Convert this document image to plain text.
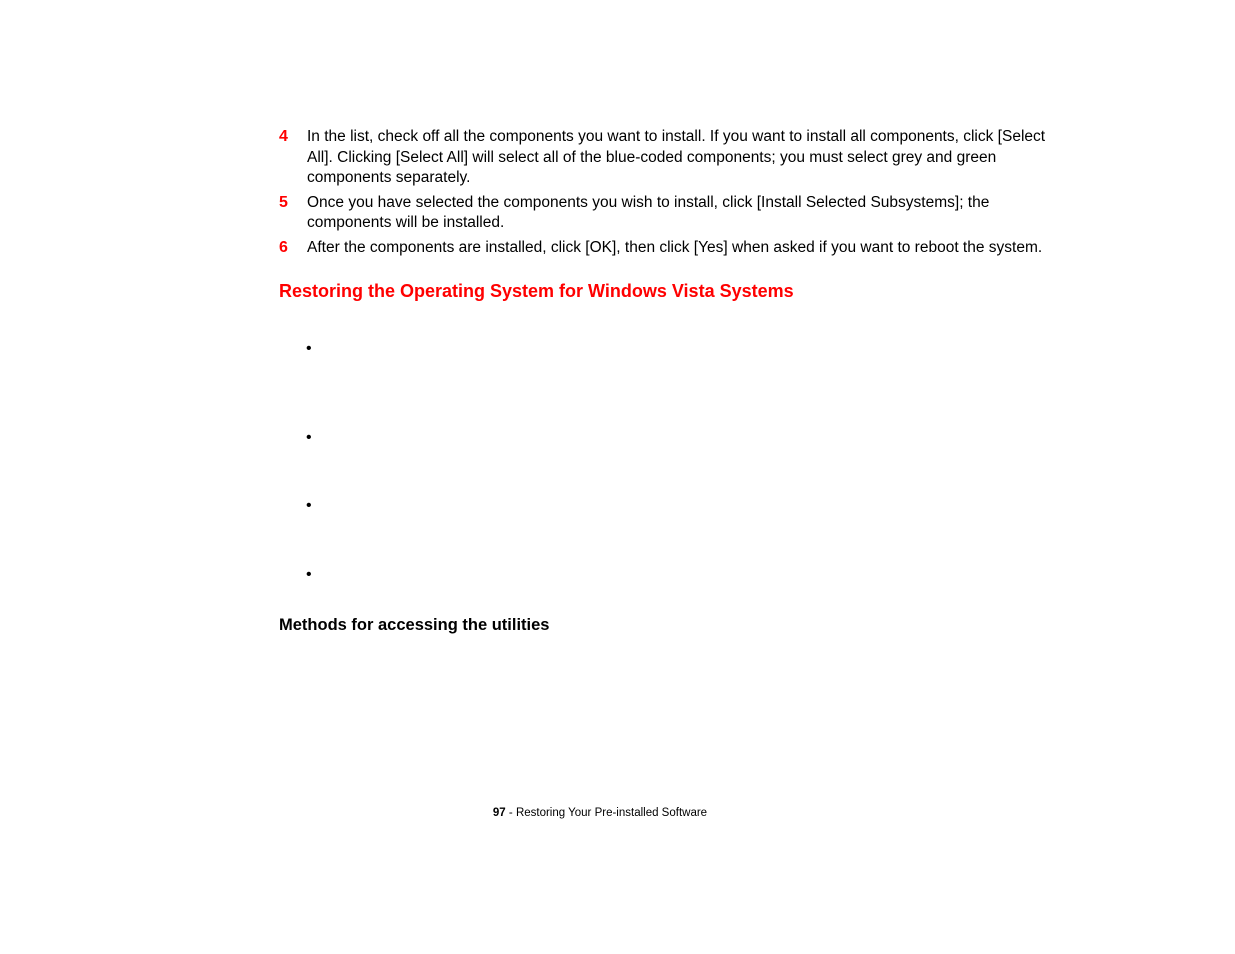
4	In the list, check off all the components you want to install. If you want to install all components, click [Select All]. Clicking [Select All] will select all of the blue-coded components; you must select grey and green components separately.
5	Once you have selected the components you wish to install, click [Install Selected Subsystems]; the components will be installed.
6	After the components are installed, click [OK], then click [Yes] when asked if you want to reboot the system.
Restoring the Operating System for Windows Vista Systems
•
•
•
•
Methods for accessing the utilities
97 - Restoring Your Pre-installed Software
